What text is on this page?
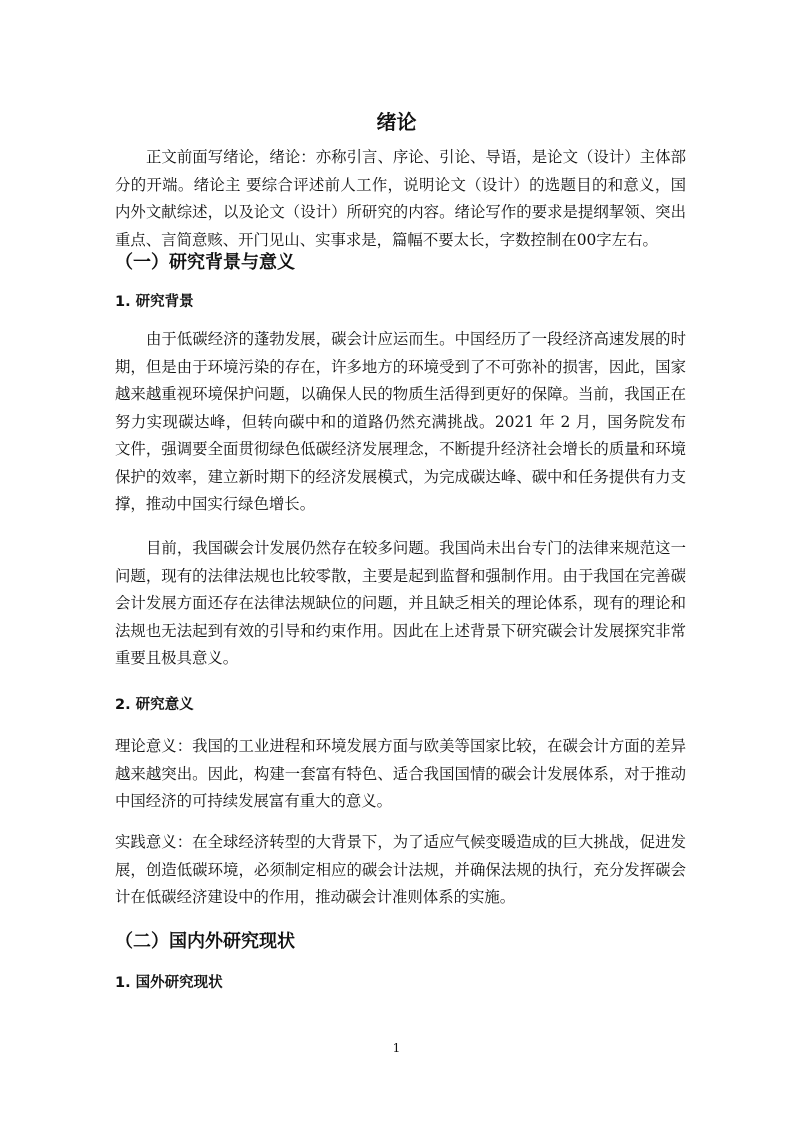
绪论

正文前面写绪论，绪论：亦称引言、序论、引论、导语，是论文（设计）主体部分的开端。绪论主 要综合评述前人工作，说明论文（设计）的选题目的和意义，国内外文献综述，以及论文（设计）所研究的内容。绪论写作的要求是提纲挈领、突出重点、言简意赅、开门见山、实事求是，篇幅不要太长，字数控制在00字左右。

（一）研究背景与意义
1. 研究背景

由于低碳经济的蓬勃发展，碳会计应运而生。中国经历了一段经济高速发展的时期，但是由于环境污染的存在，许多地方的环境受到了不可弥补的损害，因此，国家越来越重视环境保护问题，以确保人民的物质生活得到更好的保障。当前，我国正在努力实现碳达峰，但转向碳中和的道路仍然充满挑战。2021 年 2 月，国务院发布文件，强调要全面贯彻绿色低碳经济发展理念，不断提升经济社会增长的质量和环境保护的效率，建立新时期下的经济发展模式，为完成碳达峰、碳中和任务提供有力支撑，推动中国实行绿色增长。

目前，我国碳会计发展仍然存在较多问题。我国尚未出台专门的法律来规范这一问题，现有的法律法规也比较零散，主要是起到监督和强制作用。由于我国在完善碳会计发展方面还存在法律法规缺位的问题，并且缺乏相关的理论体系，现有的理论和法规也无法起到有效的引导和约束作用。因此在上述背景下研究碳会计发展探究非常重要且极具意义。

2. 研究意义

理论意义：我国的工业进程和环境发展方面与欧美等国家比较，在碳会计方面的差异越来越突出。因此，构建一套富有特色、适合我国国情的碳会计发展体系，对于推动中国经济的可持续发展富有重大的意义。

实践意义：在全球经济转型的大背景下，为了适应气候变暖造成的巨大挑战，促进发展，创造低碳环境，必须制定相应的碳会计法规，并确保法规的执行，充分发挥碳会计在低碳经济建设中的作用，推动碳会计准则体系的实施。

（二）国内外研究现状
1. 国外研究现状
1
